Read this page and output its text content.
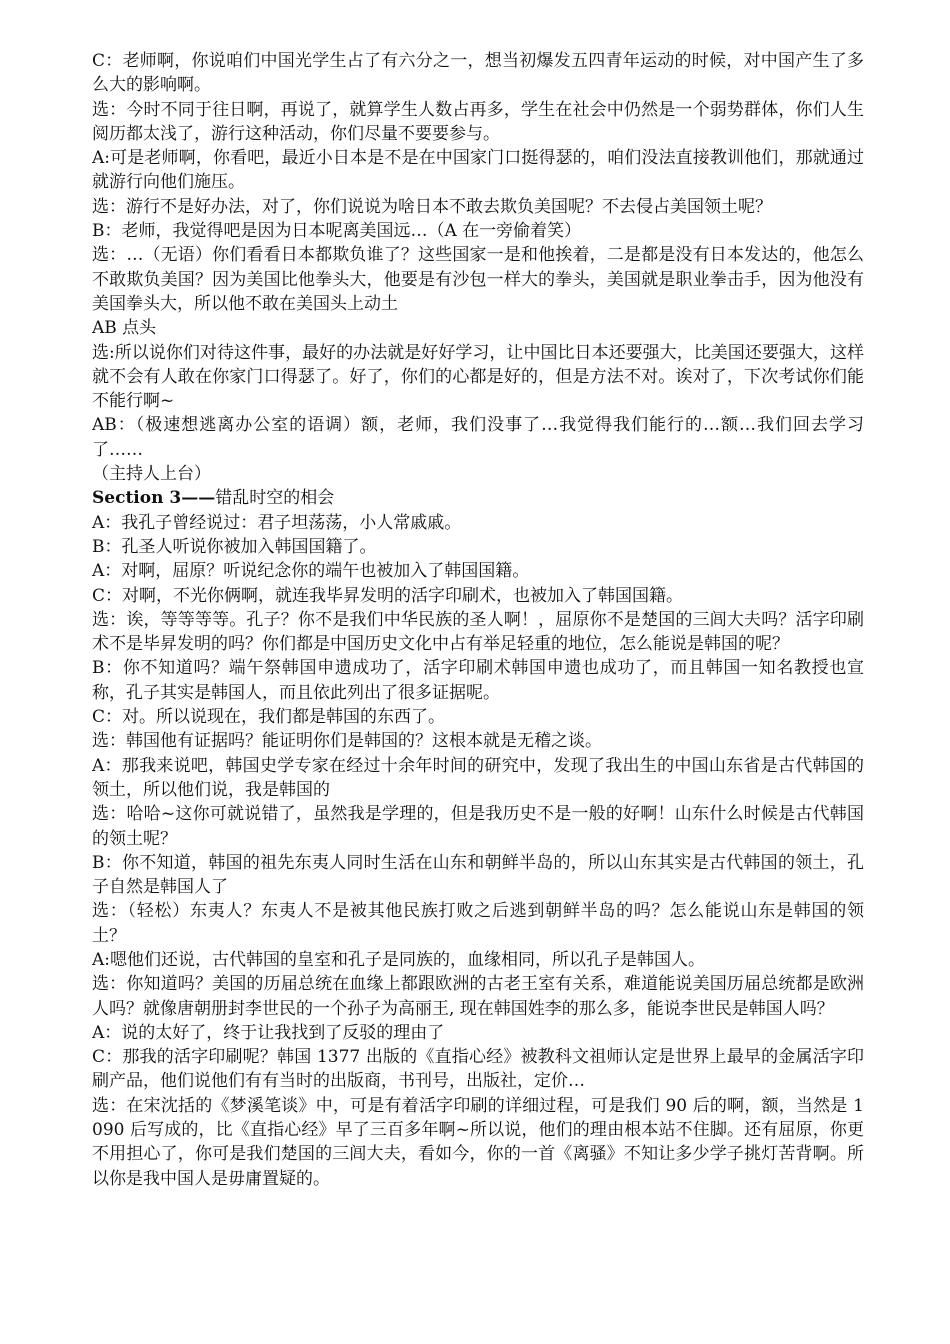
C：老师啊，你说咱们中国光学生占了有六分之一，想当初爆发五四青年运动的时候，对中国产生了多么大的影响啊。

选：今时不同于往日啊，再说了，就算学生人数占再多，学生在社会中仍然是一个弱势群体，你们人生阅历都太浅了，游行这种活动，你们尽量不要要参与。

A:可是老师啊，你看吧，最近小日本是不是在中国家门口挺得瑟的，咱们没法直接教训他们，那就通过就游行向他们施压。

选：游行不是好办法，对了，你们说说为啥日本不敢去欺负美国呢？不去侵占美国领土呢？

B：老师，我觉得吧是因为日本呢离美国远…（A 在一旁偷着笑）

选：…（无语）你们看看日本都欺负谁了？这些国家一是和他挨着，二是都是没有日本发达的，他怎么不敢欺负美国？因为美国比他拳头大，他要是有沙包一样大的拳头，美国就是职业拳击手，因为他没有美国拳头大，所以他不敢在美国头上动土

AB 点头

选:所以说你们对待这件事，最好的办法就是好好学习，让中国比日本还要强大，比美国还要强大，这样就不会有人敢在你家门口得瑟了。好了，你们的心都是好的，但是方法不对。诶对了，下次考试你们能不能行啊~

AB：（极速想逃离办公室的语调）额，老师，我们没事了…我觉得我们能行的…额…我们回去学习了……

（主持人上台）

Section 3——错乱时空的相会

A：我孔子曾经说过：君子坦荡荡，小人常戚戚。

B：孔圣人听说你被加入韩国国籍了。

A：对啊，屈原？听说纪念你的端午也被加入了韩国国籍。

C：对啊，不光你俩啊，就连我毕昇发明的活字印刷术，也被加入了韩国国籍。

选：诶，等等等等。孔子？你不是我们中华民族的圣人啊！，屈原你不是楚国的三闾大夫吗？活字印刷术不是毕昇发明的吗？你们都是中国历史文化中占有举足轻重的地位，怎么能说是韩国的呢？

B：你不知道吗？端午祭韩国申遗成功了，活字印刷术韩国申遗也成功了，而且韩国一知名教授也宣称，孔子其实是韩国人，而且依此列出了很多证据呢。

C：对。所以说现在，我们都是韩国的东西了。

选：韩国他有证据吗？能证明你们是韩国的？这根本就是无稽之谈。

A：那我来说吧，韩国史学专家在经过十余年时间的研究中，发现了我出生的中国山东省是古代韩国的领土，所以他们说，我是韩国的

选：哈哈~这你可就说错了，虽然我是学理的，但是我历史不是一般的好啊！山东什么时候是古代韩国的领土呢？

B：你不知道，韩国的祖先东夷人同时生活在山东和朝鲜半岛的，所以山东其实是古代韩国的领土，孔子自然是韩国人了

选：（轻松）东夷人？东夷人不是被其他民族打败之后逃到朝鲜半岛的吗？怎么能说山东是韩国的领土？

A:嗯他们还说，古代韩国的皇室和孔子是同族的，血缘相同，所以孔子是韩国人。

选：你知道吗？美国的历届总统在血缘上都跟欧洲的古老王室有关系，难道能说美国历届总统都是欧洲人吗？就像唐朝册封李世民的一个孙子为高丽王, 现在韩国姓李的那么多，能说李世民是韩国人吗？

A：说的太好了，终于让我找到了反驳的理由了

C：那我的活字印刷呢？韩国 1377 出版的《直指心经》被教科文祖师认定是世界上最早的金属活字印刷产品，他们说他们有有当时的出版商，书刊号，出版社，定价…

选：在宋沈括的《梦溪笔谈》中，可是有着活字印刷的详细过程，可是我们 90 后的啊，额，当然是 1090 后写成的，比《直指心经》早了三百多年啊~所以说，他们的理由根本站不住脚。还有屈原，你更不用担心了，你可是我们楚国的三闾大夫，看如今，你的一首《离骚》不知让多少学子挑灯苦背啊。所以你是我中国人是毋庸置疑的。
